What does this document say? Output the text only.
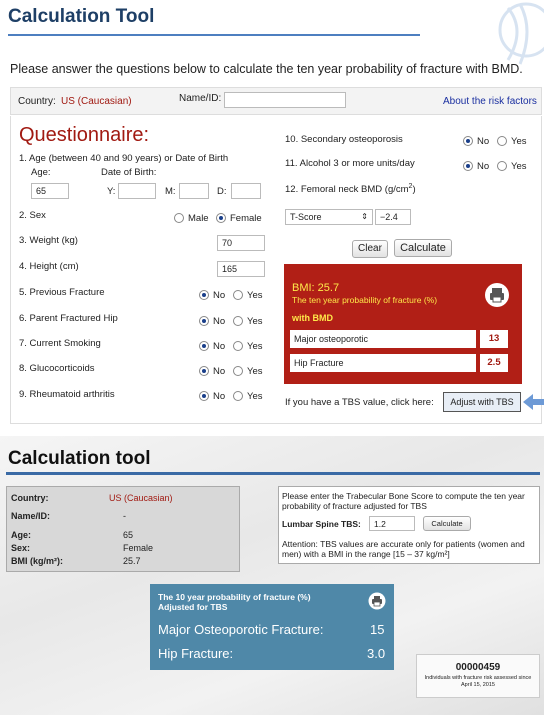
Calculation Tool
Please answer the questions below to calculate the ten year probability of fracture with BMD.
Country: US (Caucasian)	Name/ID:	About the risk factors
Questionnaire:
1. Age (between 40 and 90 years) or Date of Birth
Age:	Date of Birth:
65	Y:	M:	D:
2. Sex	Male Female
3. Weight (kg)	70
4. Height (cm)	165
5. Previous Fracture	No Yes
6. Parent Fractured Hip	No Yes
7. Current Smoking	No Yes
8. Glucocorticoids	No Yes
9. Rheumatoid arthritis	No Yes
10. Secondary osteoporosis	No Yes
11. Alcohol 3 or more units/day	No Yes
12. Femoral neck BMD $(g/cm^2)$
T-Score	⇕	−2.4
Clear	Calculate
If you have a TBS value, click here:	Adjust with TBS
BMI: 25.7
The ten year probability of fracture (%)
with BMD
Major osteoporotic	13
Hip Fracture	2.5
Calculation tool
Country:	US (Caucasian)
Name/ID:	-
Age:	65
Sex:	Female
BMI (kg/m²):	25.7
Please enter the Trabecular Bone Score to compute the ten year probability of fracture adjusted for TBS
Lumbar Spine TBS:	1.2	Calculate
Attention: TBS values are accurate only for patients (women and men) with a BMI in the range [15 – 37 kg/m²]
The 10 year probability of fracture (%) Adjusted for TBS
Major Osteoporotic Fracture:	15
Hip Fracture:	3.0
00000459
Individuals with fracture risk assessed since April 15, 2015
